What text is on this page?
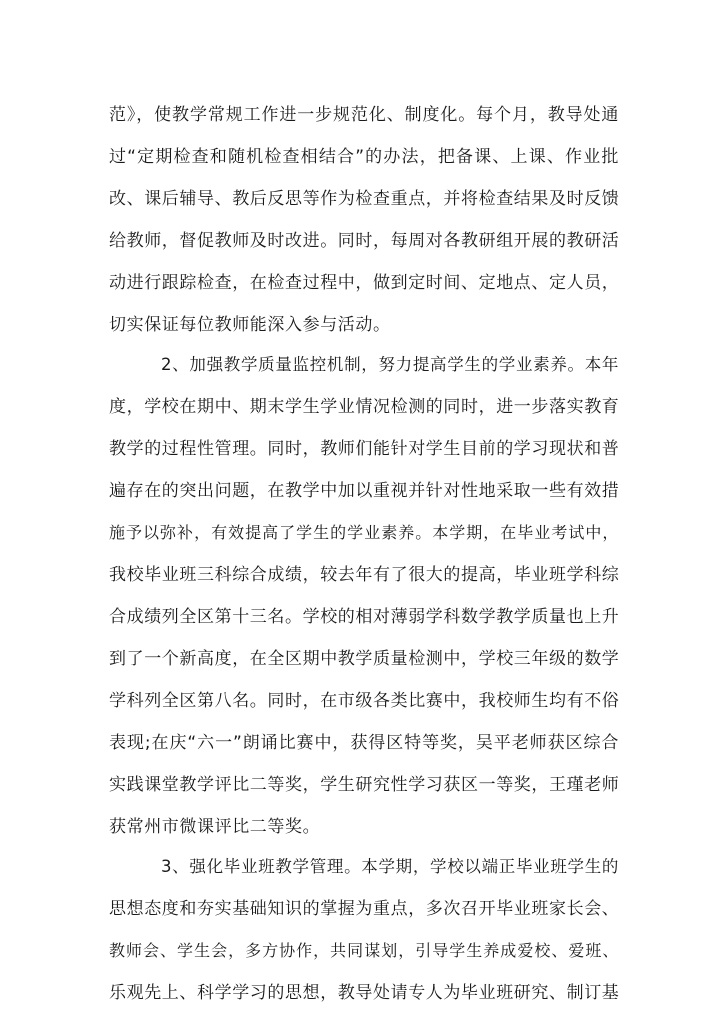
范》，使教学常规工作进一步规范化、制度化。每个月，教导处通
过“定期检查和随机检查相结合”的办法，把备课、上课、作业批
改、课后辅导、教后反思等作为检查重点，并将检查结果及时反馈
给教师，督促教师及时改进。同时，每周对各教研组开展的教研活
动进行跟踪检查，在检查过程中，做到定时间、定地点、定人员，
切实保证每位教师能深入参与活动。
2、加强教学质量监控机制，努力提高学生的学业素养。本年
度，学校在期中、期末学生学业情况检测的同时，进一步落实教育
教学的过程性管理。同时，教师们能针对学生目前的学习现状和普
遍存在的突出问题，在教学中加以重视并针对性地采取一些有效措
施予以弥补，有效提高了学生的学业素养。本学期，在毕业考试中，
我校毕业班三科综合成绩，较去年有了很大的提高，毕业班学科综
合成绩列全区第十三名。学校的相对薄弱学科数学教学质量也上升
到了一个新高度，在全区期中教学质量检测中，学校三年级的数学
学科列全区第八名。同时，在市级各类比赛中，我校师生均有不俗
表现;在庆“六一”朗诵比赛中，获得区特等奖，吴平老师获区综合
实践课堂教学评比二等奖，学生研究性学习获区一等奖，王瑾老师
获常州市微课评比二等奖。
3、强化毕业班教学管理。本学期，学校以端正毕业班学生的
思想态度和夯实基础知识的掌握为重点，多次召开毕业班家长会、
教师会、学生会，多方协作，共同谋划，引导学生养成爱校、爱班、
乐观先上、科学学习的思想，教导处请专人为毕业班研究、制订基
